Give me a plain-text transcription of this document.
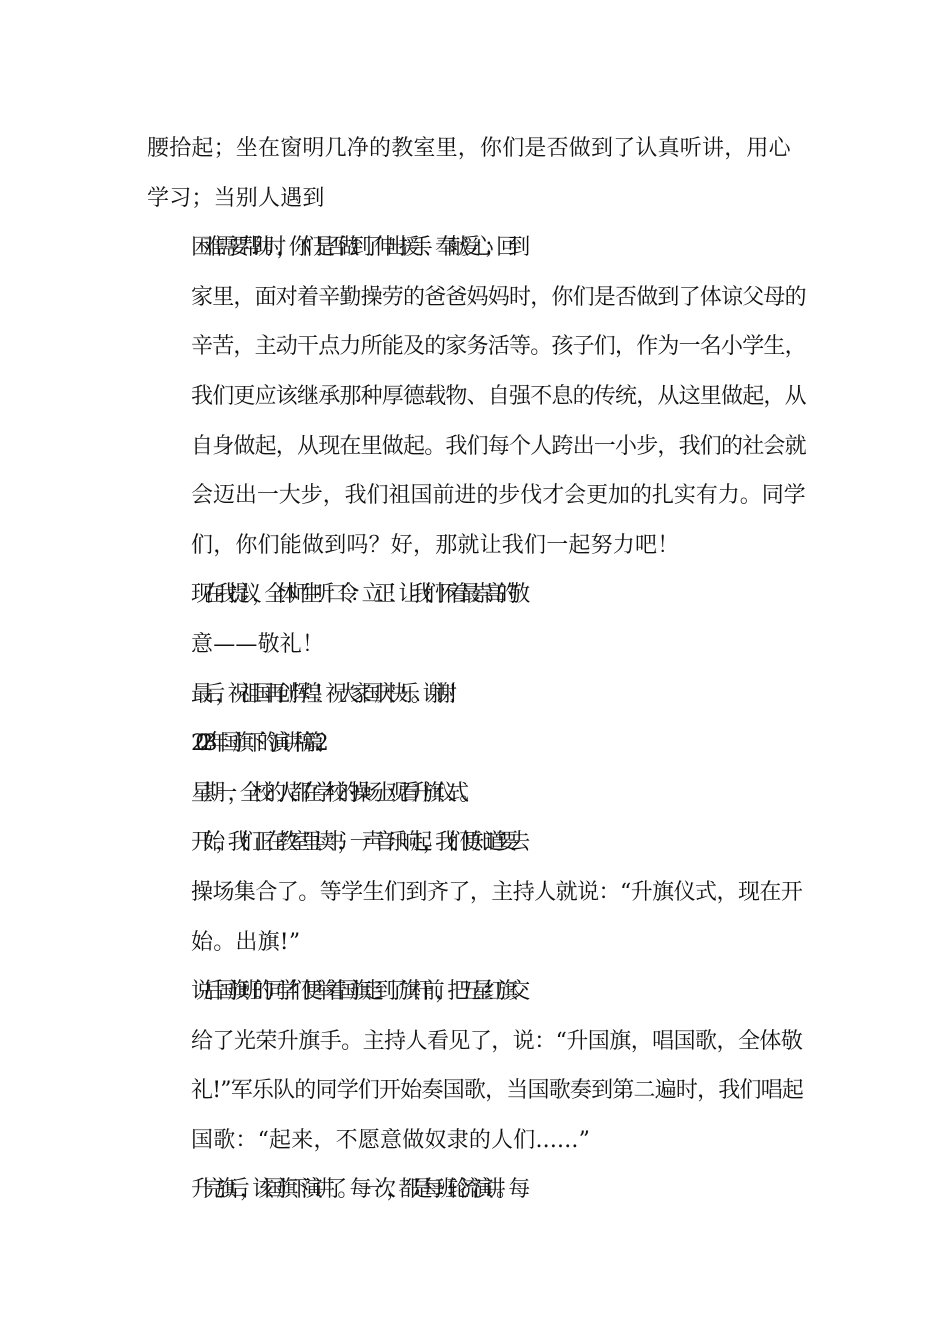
腰拾起；坐在窗明几净的教室里，你们是否做到了认真听讲，用心
学习；当别人遇到

困难需要帮助时，你们是否做到了伸出援手、奉献爱心；回到
家里，面对着辛勤操劳的爸爸妈妈时，你们是否做到了体谅父母的
辛苦，主动干点力所能及的家务活等。孩子们，作为一名小学生，
我们更应该继承那种厚德载物、自强不息的传统，从这里做起，从
自身做起，从现在里做起。我们每个人跨出一小步，我们的社会就
会迈出一大步，我们祖国前进的步伐才会更加的扎实有力。同学
们，你们能做到吗？好，那就让我们一起努力吧！

现在我提议，全体师生听口令：立正！让我们怀着最崇高的敬
意——敬礼！

最后，祝祖国再创辉煌！祝大家国庆快乐。谢谢！

2023年国旗下的演讲稿 篇2

星期一，全校的人都在学校的操场上观看升旗仪式。

开始，我们正在教室里读书，一声音乐响起，我们便知道要去
操场集合了。等学生们到齐了，主持人就说：“升旗仪式，现在开
始。出旗!”

说后国旗班的同学们便举着国旗走到了旗杆前，把五星红旗交
给了光荣升旗手。主持人看见了，说：“升国旗，唱国歌，全体敬
礼!”军乐队的同学们开始奏国歌，当国歌奏到第二遍时，我们唱起
国歌：“起来，不愿意做奴隶的人们......”

升完旗后，该国旗下演讲了。每一次，都是每班轮流演讲。每
